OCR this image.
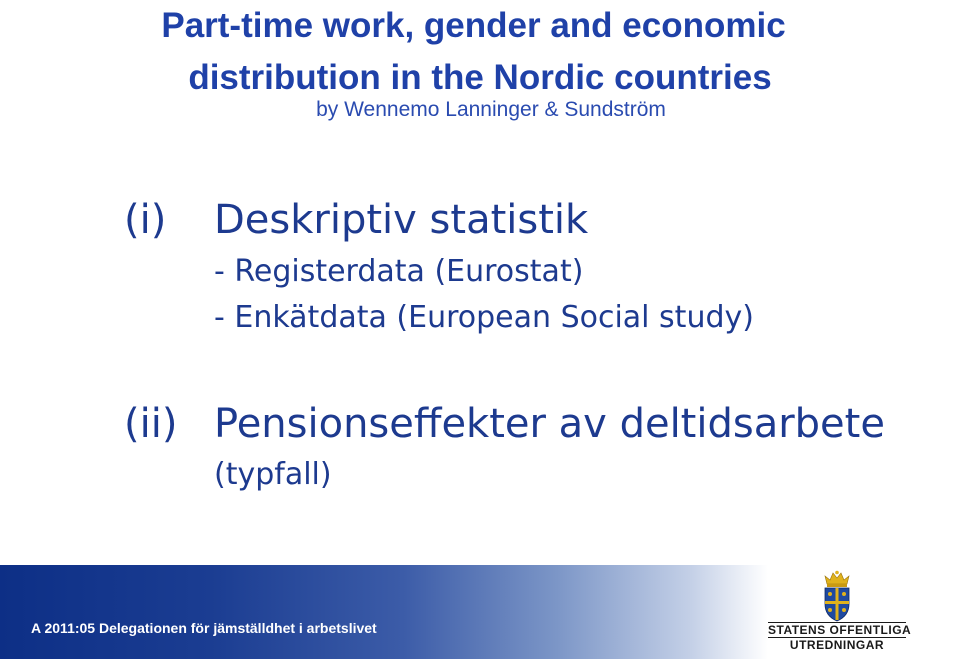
Part-time work, gender and economic
distribution in the Nordic countries
by Wennemo Lanninger & Sundström
(i) Deskriptiv statistik
- Registerdata (Eurostat)
- Enkätdata (European Social study)
(ii) Pensionseffekter av deltidsarbete
(typfall)
A 2011:05 Delegationen för jämställdhet i arbetslivet	STATENS OFFENTLIGA
UTREDNINGAR
